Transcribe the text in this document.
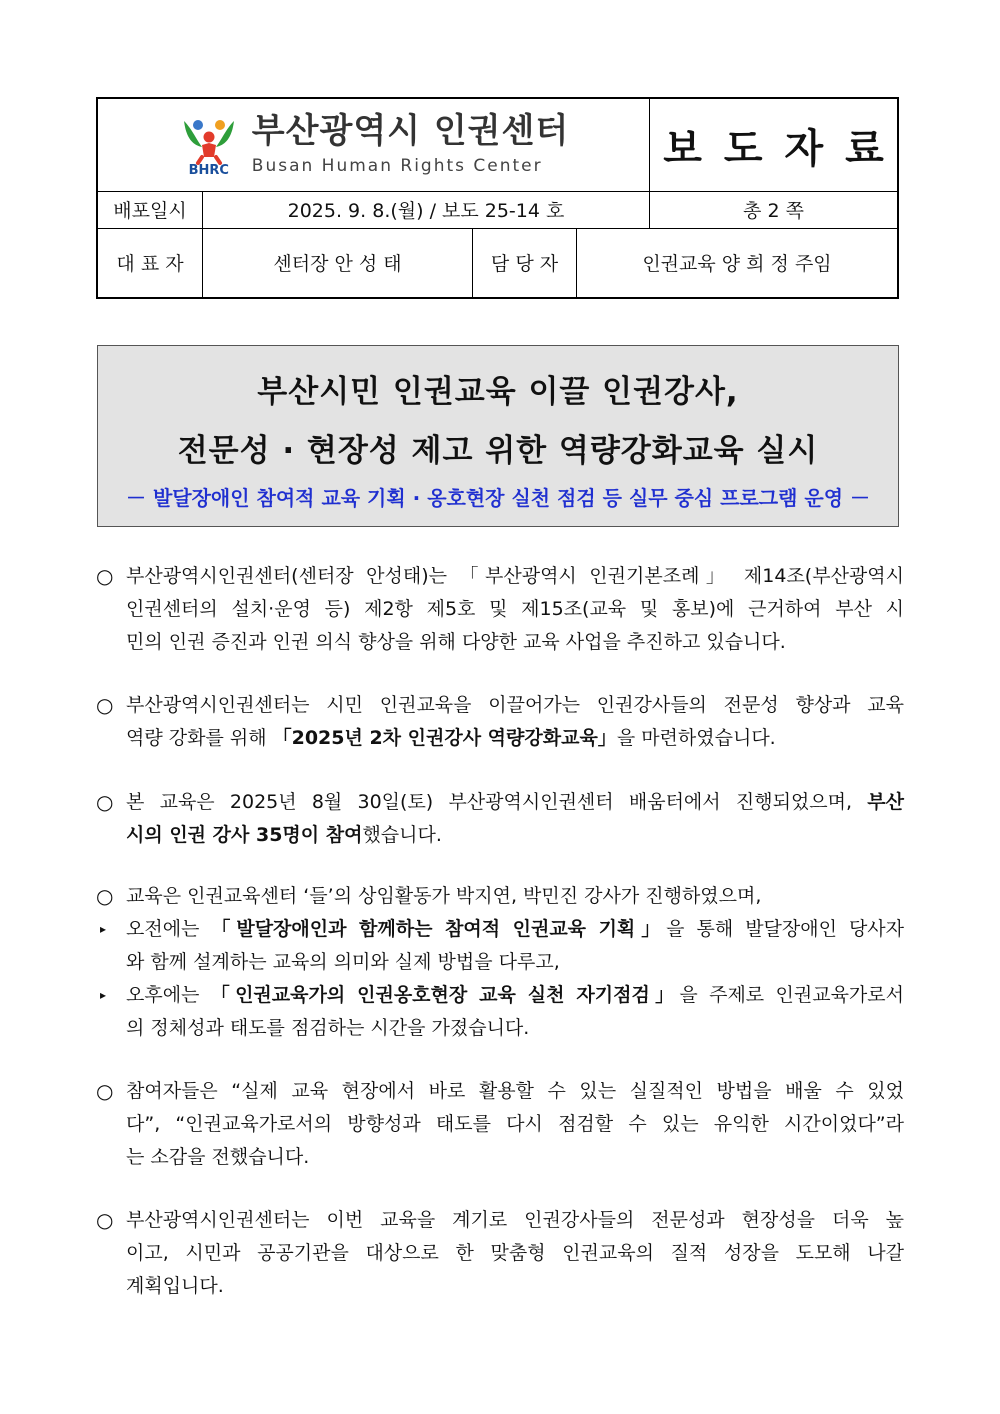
BHRC
부산광역시 인권센터
Busan Human Rights Center	보도자료
배포일시	2025. 9. 8.(월) / 보도 25-14 호	총 2 쪽
대 표 자	센터장 안 성 태	담 당 자	인권교육 양 희 정 주임
부산시민 인권교육 이끌 인권강사,
전문성 · 현장성 제고 위한 역량강화교육 실시
－ 발달장애인 참여적 교육 기획 · 옹호현장 실천 점검 등 실무 중심 프로그램 운영 －
○ 부산광역시인권센터(센터장 안성태)는 「부산광역시 인권기본조례」 제14조(부산광역시
인권센터의 설치·운영 등) 제2항 제5호 및 제15조(교육 및 홍보)에 근거하여 부산 시
민의 인권 증진과 인권 의식 향상을 위해 다양한 교육 사업을 추진하고 있습니다.
○ 부산광역시인권센터는 시민 인권교육을 이끌어가는 인권강사들의 전문성 향상과 교육
역량 강화를 위해 「2025년 2차 인권강사 역량강화교육」을 마련하였습니다.
○ 본 교육은 2025년 8월 30일(토) 부산광역시인권센터 배움터에서 진행되었으며, 부산
시의 인권 강사 35명이 참여했습니다.
○ 교육은 인권교육센터 ‘들’의 상임활동가 박지연, 박민진 강사가 진행하였으며,
▸	오전에는 「발달장애인과 함께하는 참여적 인권교육 기획」을 통해 발달장애인 당사자
와 함께 설계하는 교육의 의미와 실제 방법을 다루고,
▸	오후에는 「인권교육가의 인권옹호현장 교육 실천 자기점검」을 주제로 인권교육가로서
의 정체성과 태도를 점검하는 시간을 가졌습니다.
○ 참여자들은 “실제 교육 현장에서 바로 활용할 수 있는 실질적인 방법을 배울 수 있었
다”, “인권교육가로서의 방향성과 태도를 다시 점검할 수 있는 유익한 시간이었다”라
는 소감을 전했습니다.
○ 부산광역시인권센터는 이번 교육을 계기로 인권강사들의 전문성과 현장성을 더욱 높
이고, 시민과 공공기관을 대상으로 한 맞춤형 인권교육의 질적 성장을 도모해 나갈
계획입니다.
